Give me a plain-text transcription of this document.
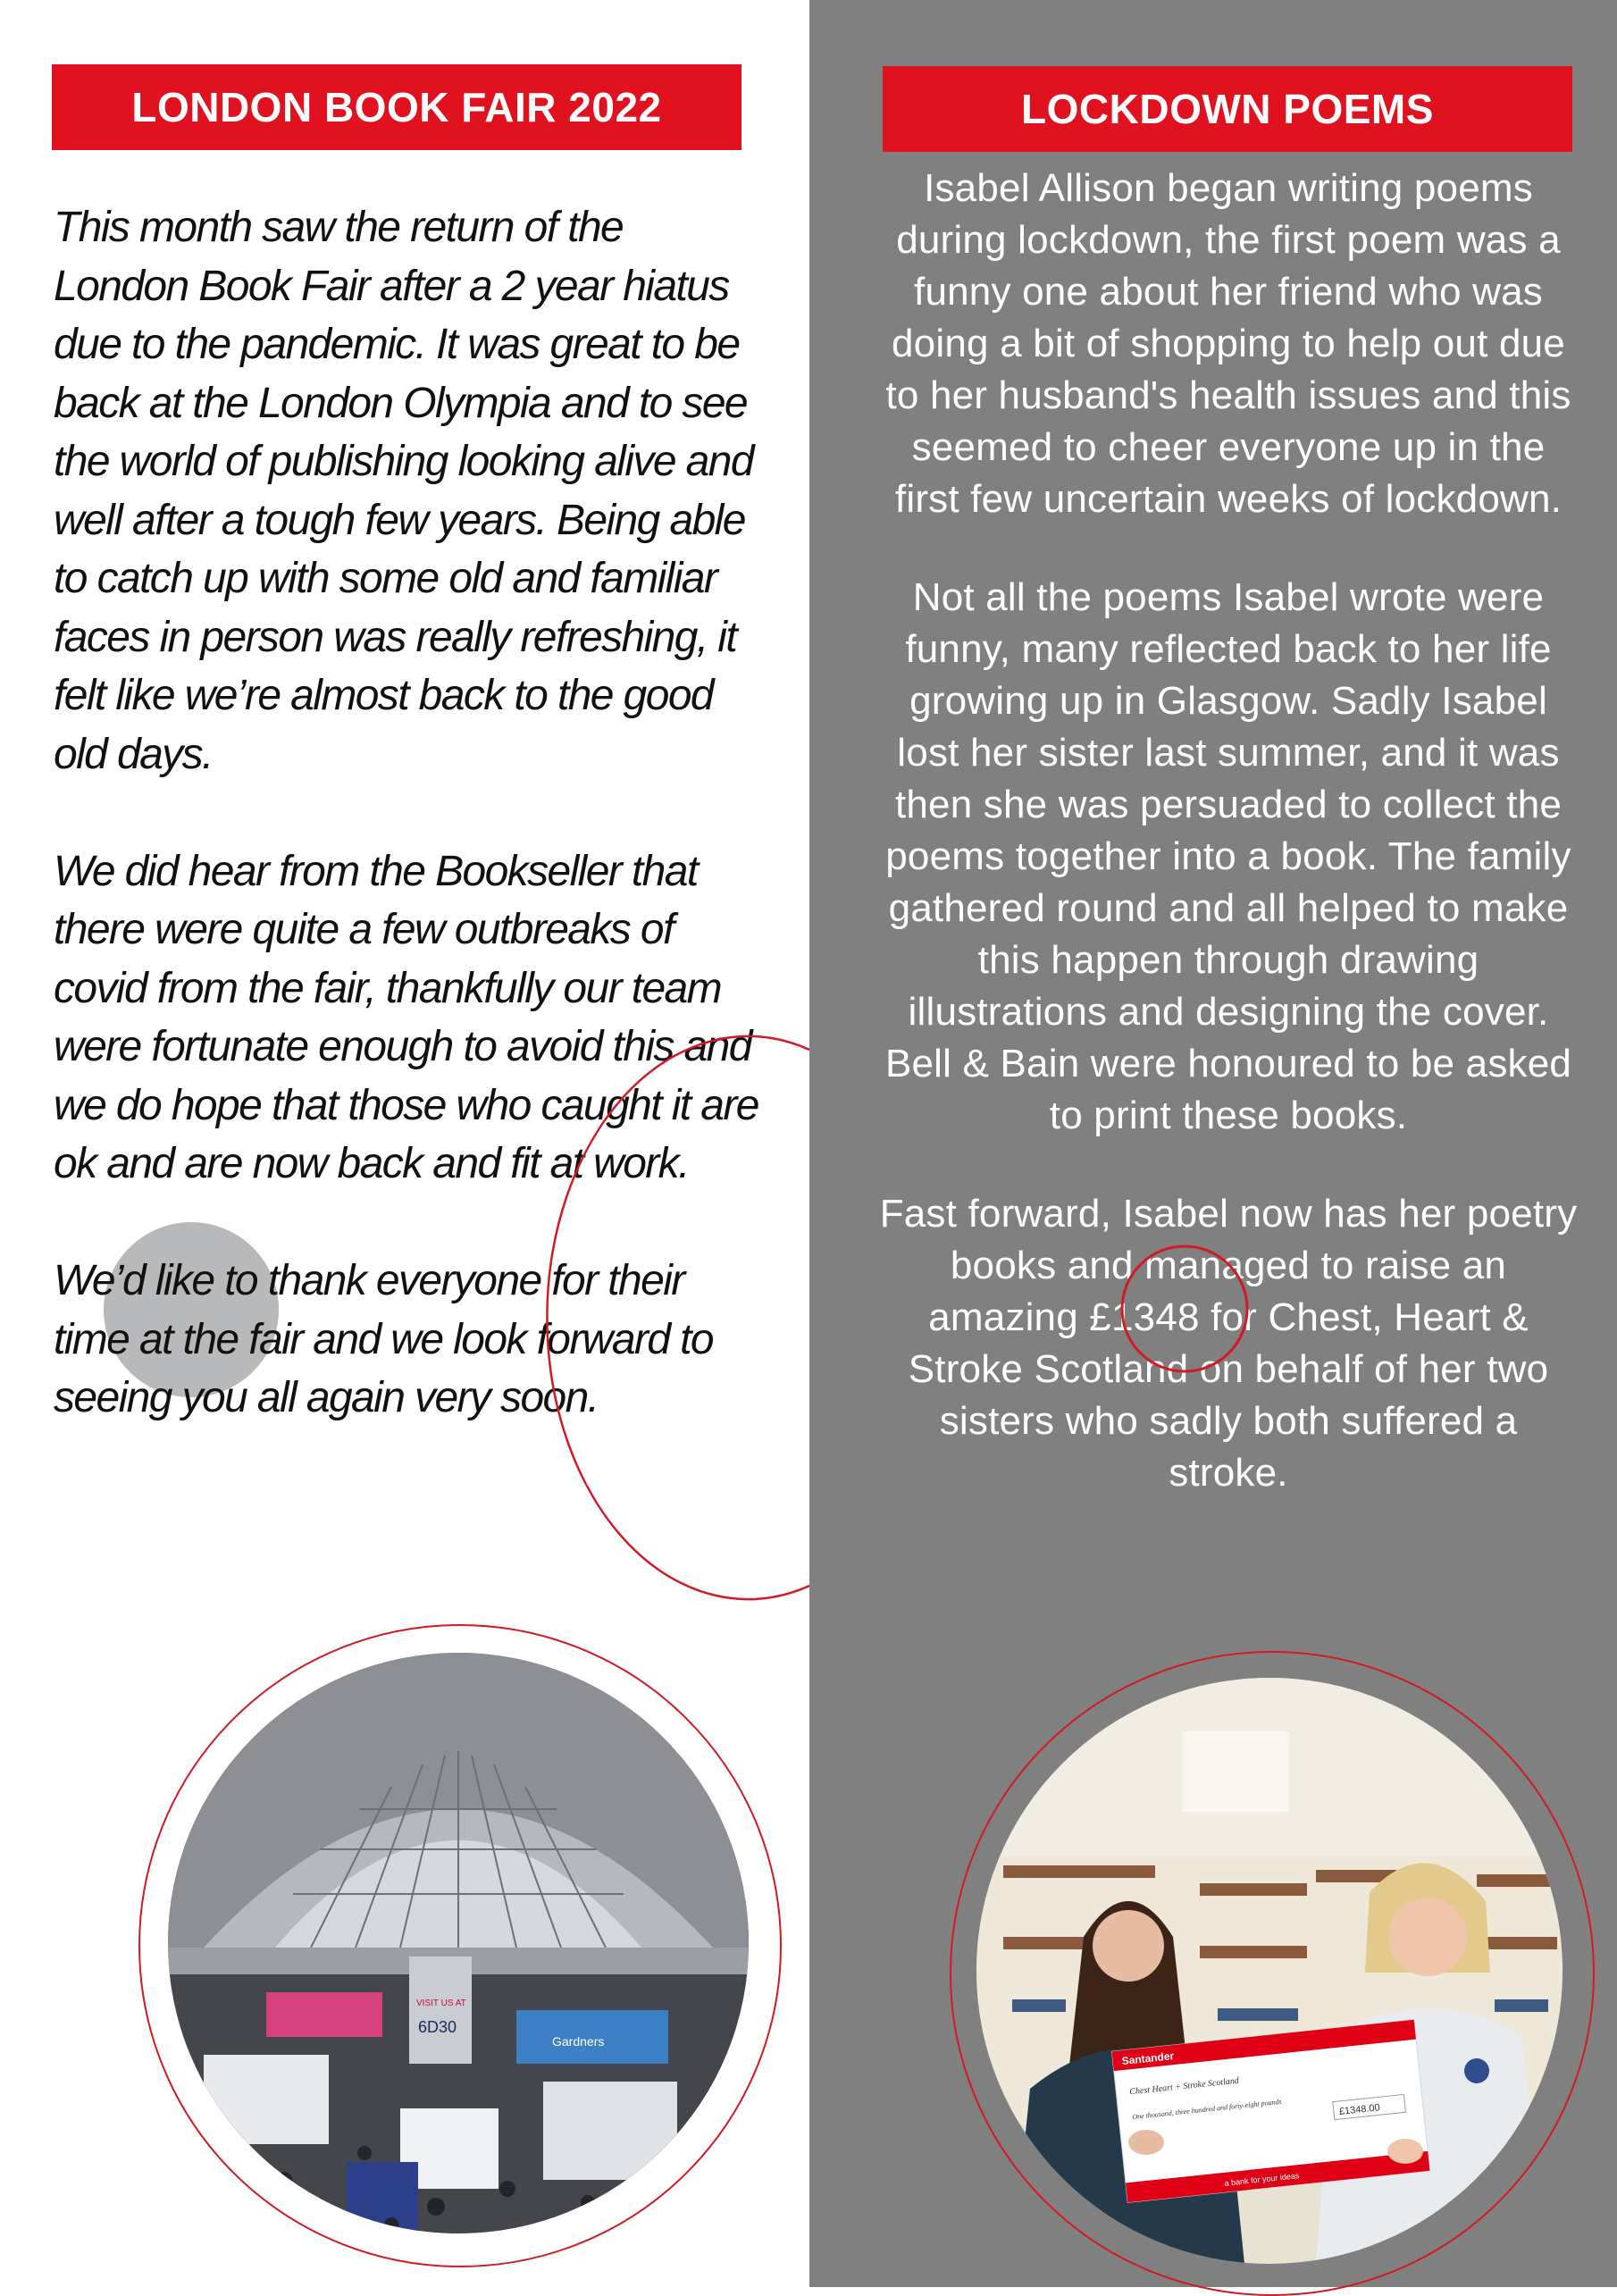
LONDON BOOK FAIR 2022	LOCKDOWN POEMS

This month saw the return of the London Book Fair after a 2 year hiatus due to the pandemic. It was great to be back at the London Olympia and to see the world of publishing looking alive and well after a tough few years. Being able to catch up with some old and familiar faces in person was really refreshing, it felt like we’re almost back to the good old days.

We did hear from the Bookseller that there were quite a few outbreaks of covid from the fair, thankfully our team were fortunate enough to avoid this and we do hope that those who caught it are ok and are now back and fit at work.

We’d like to thank everyone for their time at the fair and we look forward to seeing you all again very soon.

Isabel Allison began writing poems during lockdown, the first poem was a funny one about her friend who was doing a bit of shopping to help out due to her husband's health issues and this seemed to cheer everyone up in the first few uncertain weeks of lockdown.

Not all the poems Isabel wrote were funny, many reflected back to her life growing up in Glasgow. Sadly Isabel lost her sister last summer, and it was then she was persuaded to collect the poems together into a book. The family gathered round and all helped to make this happen through drawing illustrations and designing the cover. Bell & Bain were honoured to be asked to print these books.

Fast forward, Isabel now has her poetry books and managed to raise an amazing £1348 for Chest, Heart & Stroke Scotland on behalf of her two sisters who sadly both suffered a stroke.

VISIT US AT
6D30
Gardners
Santander
Chest Heart + Stroke Scotland
One thousand, three hundred and forty-eight pounds	£1348.00
a bank for your ideas
